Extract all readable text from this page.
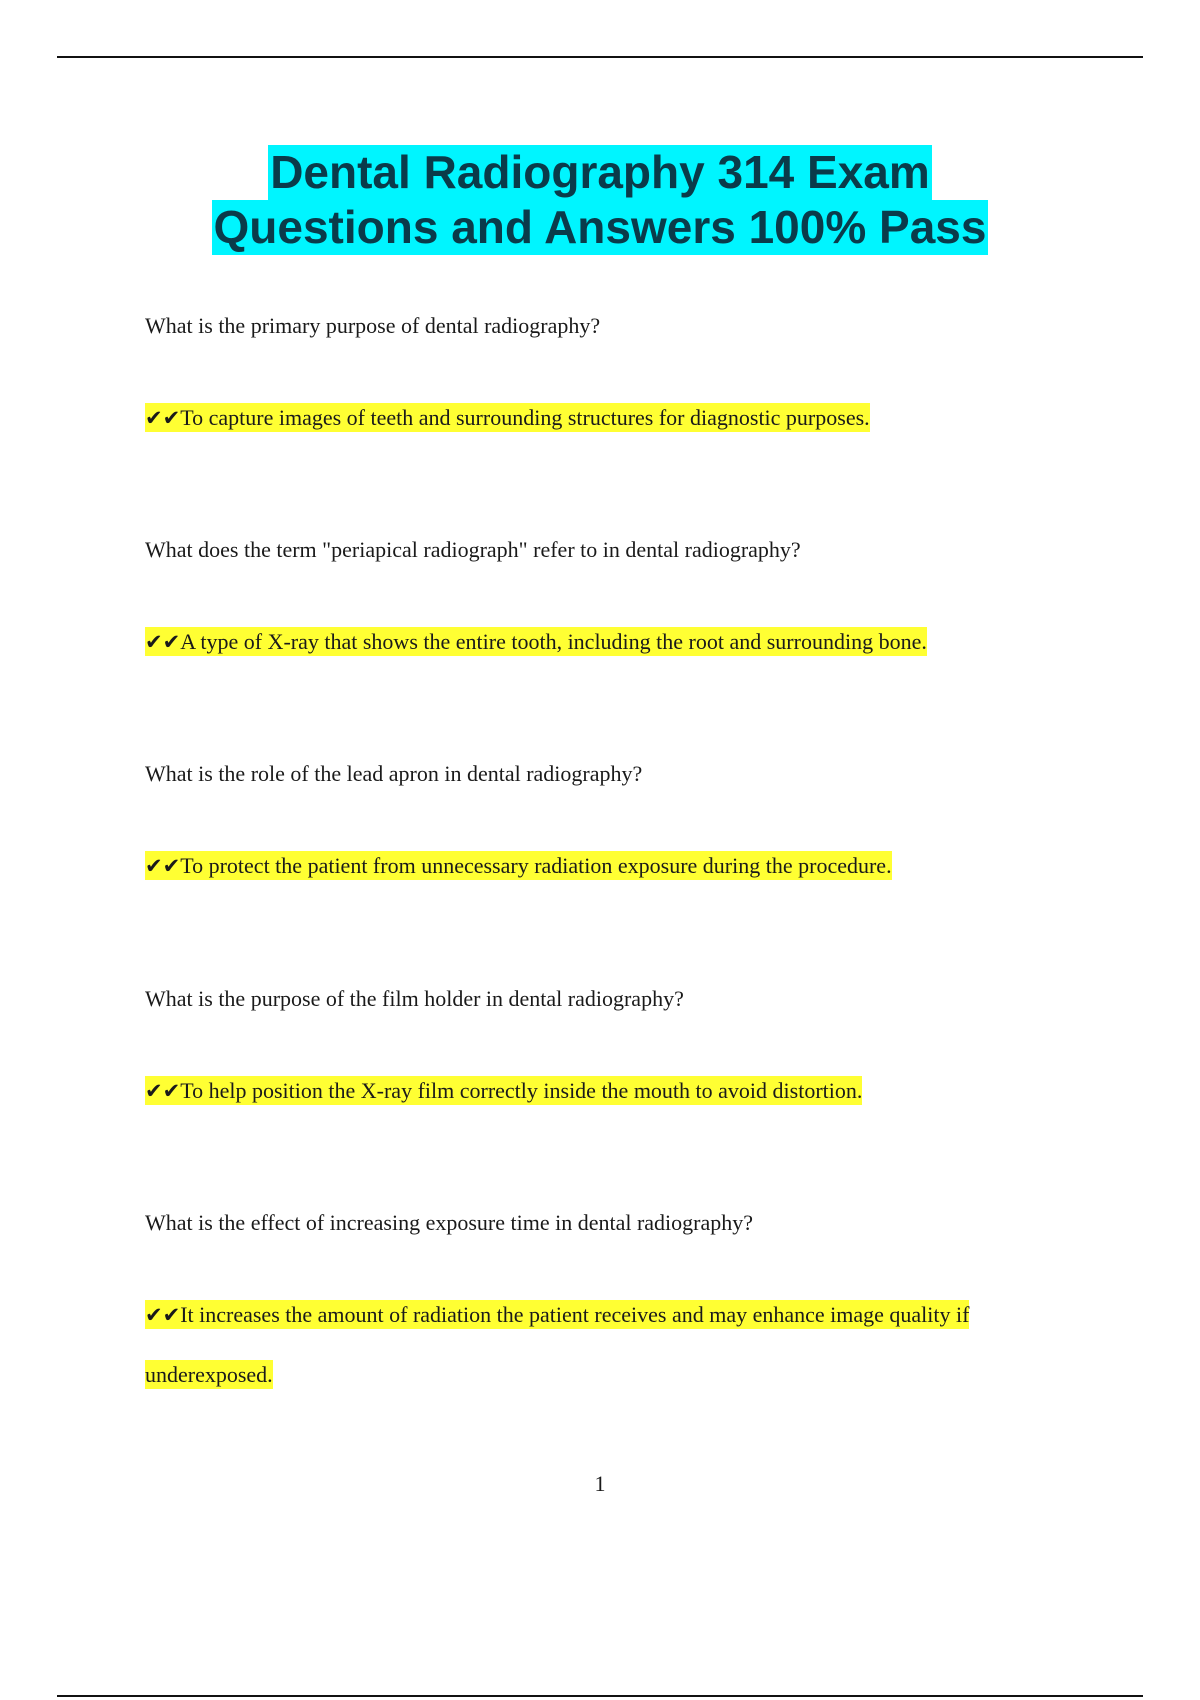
Dental Radiography 314 Exam
Questions and Answers 100% Pass
What is the primary purpose of dental radiography?
✔✔To capture images of teeth and surrounding structures for diagnostic purposes.
What does the term "periapical radiograph" refer to in dental radiography?
✔✔A type of X-ray that shows the entire tooth, including the root and surrounding bone.
What is the role of the lead apron in dental radiography?
✔✔To protect the patient from unnecessary radiation exposure during the procedure.
What is the purpose of the film holder in dental radiography?
✔✔To help position the X-ray film correctly inside the mouth to avoid distortion.
What is the effect of increasing exposure time in dental radiography?
✔✔It increases the amount of radiation the patient receives and may enhance image quality if underexposed.
1
